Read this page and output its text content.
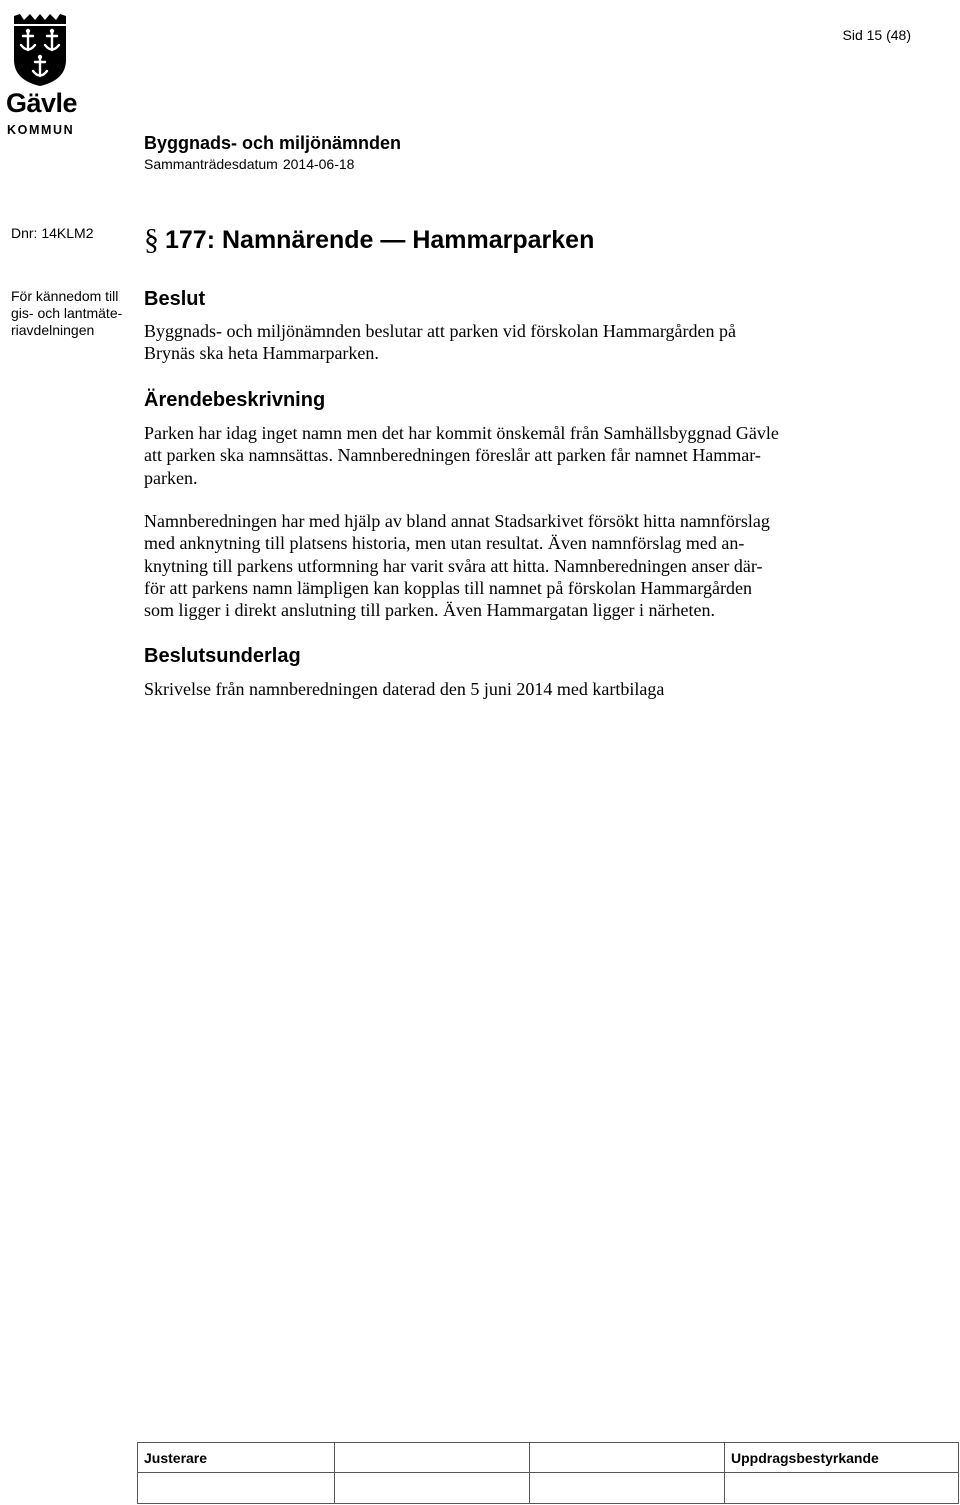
Gävle
KOMMUN
Sid 15 (48)
Byggnads- och miljönämnden
Sammanträdesdatum 2014-06-18
Dnr: 14KLM2
För kännedom till
gis- och lantmäte-
riavdelningen
§ 177: Namnärende — Hammarparken
Beslut
Byggnads- och miljönämnden beslutar att parken vid förskolan Hammargården på
Brynäs ska heta Hammarparken.
Ärendebeskrivning
Parken har idag inget namn men det har kommit önskemål från Samhällsbyggnad Gävle
att parken ska namnsättas. Namnberedningen föreslår att parken får namnet Hammar-
parken.
Namnberedningen har med hjälp av bland annat Stadsarkivet försökt hitta namnförslag
med anknytning till platsens historia, men utan resultat. Även namnförslag med an-
knytning till parkens utformning har varit svåra att hitta. Namnberedningen anser där-
för att parkens namn lämpligen kan kopplas till namnet på förskolan Hammargården
som ligger i direkt anslutning till parken. Även Hammargatan ligger i närheten.
Beslutsunderlag
Skrivelse från namnberedningen daterad den 5 juni 2014 med kartbilaga
Justerare			Uppdragsbestyrkande
